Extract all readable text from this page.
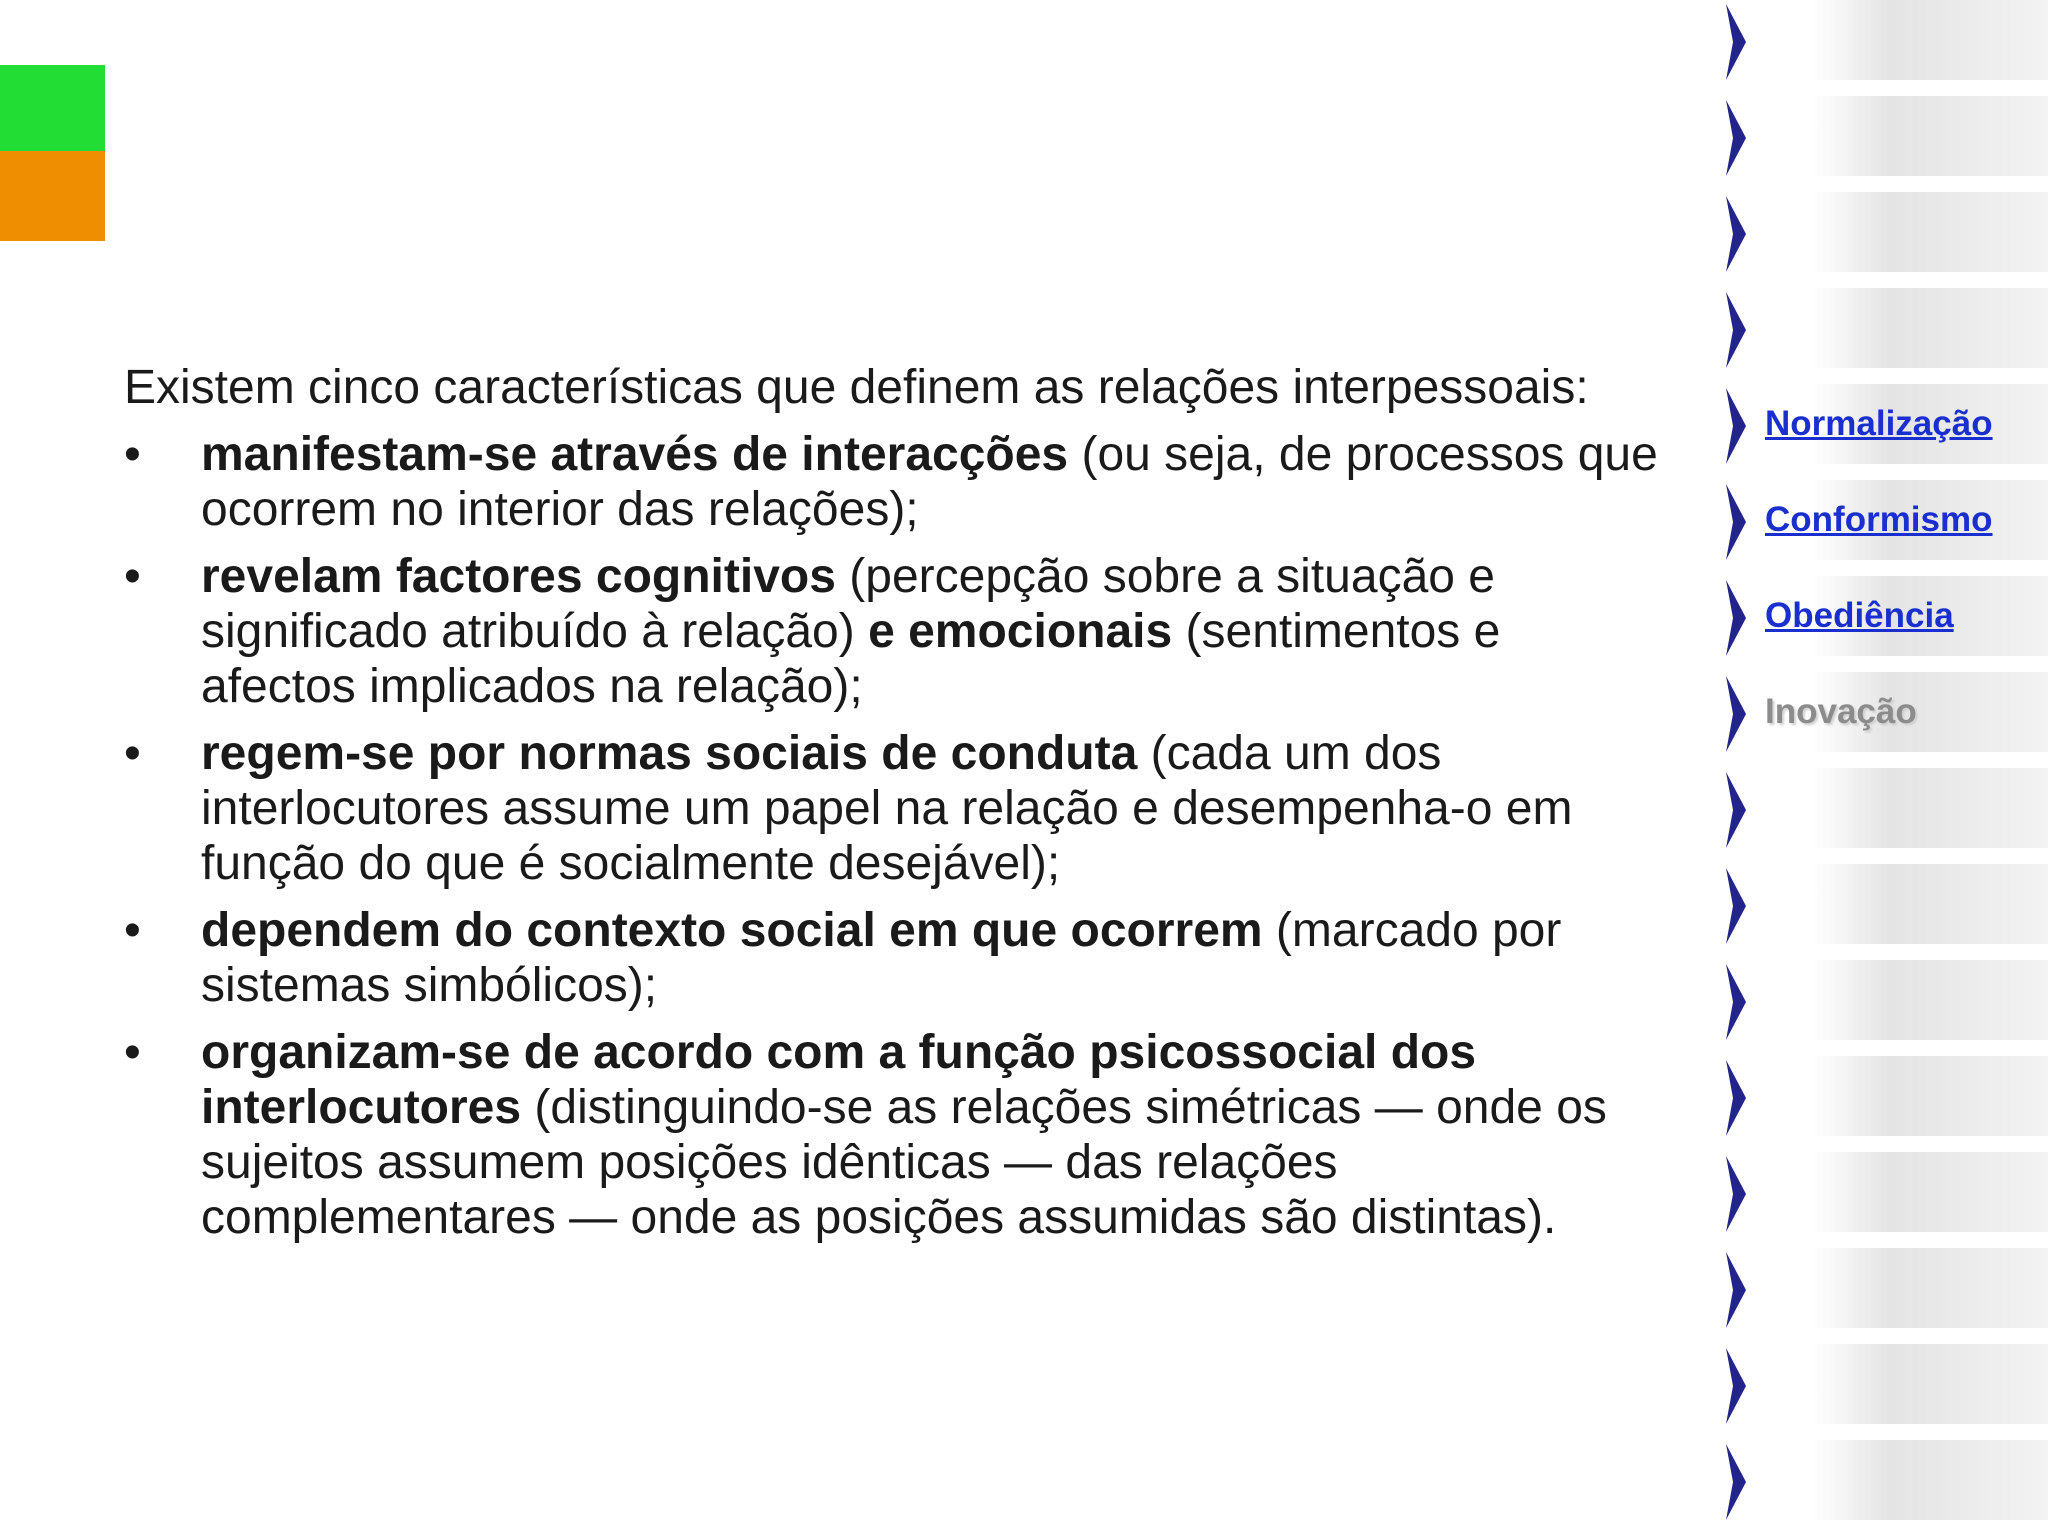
Existem cinco características que definem as relações interpessoais:

•	manifestam-se através de interacções (ou seja, de processos que ocorrem no interior das relações);
•	revelam factores cognitivos (percepção sobre a situação e significado atribuído à relação) e emocionais (sentimentos e afectos implicados na relação);
•	regem-se por normas sociais de conduta (cada um dos interlocutores assume um papel na relação e desempenha-o em função do que é socialmente desejável);
•	dependem do contexto social em que ocorrem (marcado por sistemas simbólicos);
•	organizam-se de acordo com a função psicossocial dos interlocutores (distinguindo-se as relações simétricas — onde os sujeitos assumem posições idênticas — das relações complementares — onde as posições assumidas são distintas).
Normalização
Conformismo
Obediência
Inovação
